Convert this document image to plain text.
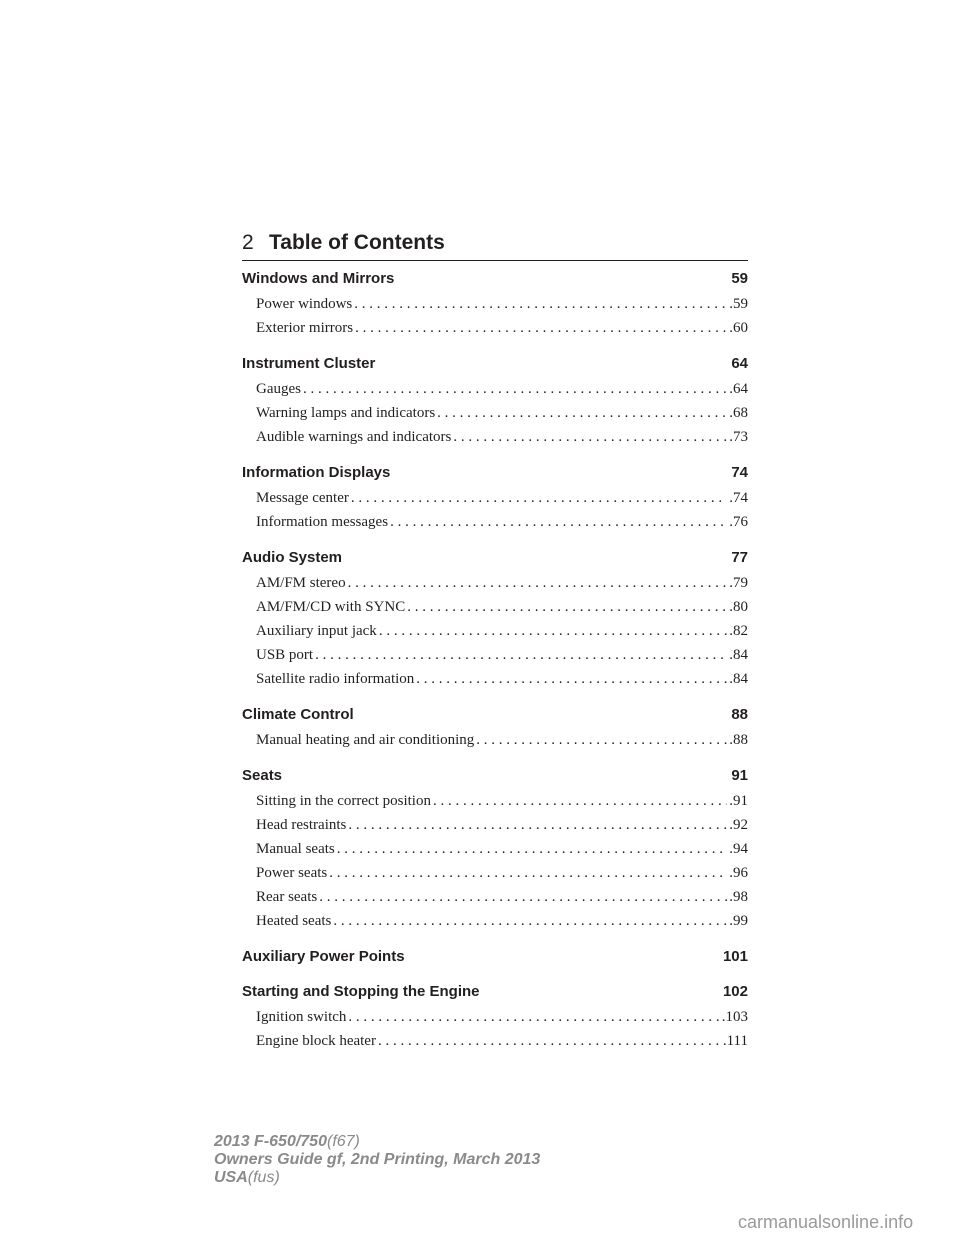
2 Table of Contents
Windows and Mirrors	59
Power windows . . .	.59
Exterior mirrors . . .	.60
Instrument Cluster	64
Gauges . . .	.64
Warning lamps and indicators . . .	.68
Audible warnings and indicators . . .	.73
Information Displays	74
Message center . . .	.74
Information messages . . .	.76
Audio System	77
AM/FM stereo . . .	.79
AM/FM/CD with SYNC . . .	.80
Auxiliary input jack . . .	.82
USB port . . .	.84
Satellite radio information . . .	.84
Climate Control	88
Manual heating and air conditioning . . .	.88
Seats	91
Sitting in the correct position . . .	.91
Head restraints . . .	.92
Manual seats . . .	.94
Power seats . . .	.96
Rear seats . . .	.98
Heated seats . . .	.99
Auxiliary Power Points	101
Starting and Stopping the Engine	102
Ignition switch . . .	.103
Engine block heater . . .	.111
2013 F-650/750(f67)
Owners Guide gf, 2nd Printing, March 2013
USA(fus)
carmanualsonline.info
